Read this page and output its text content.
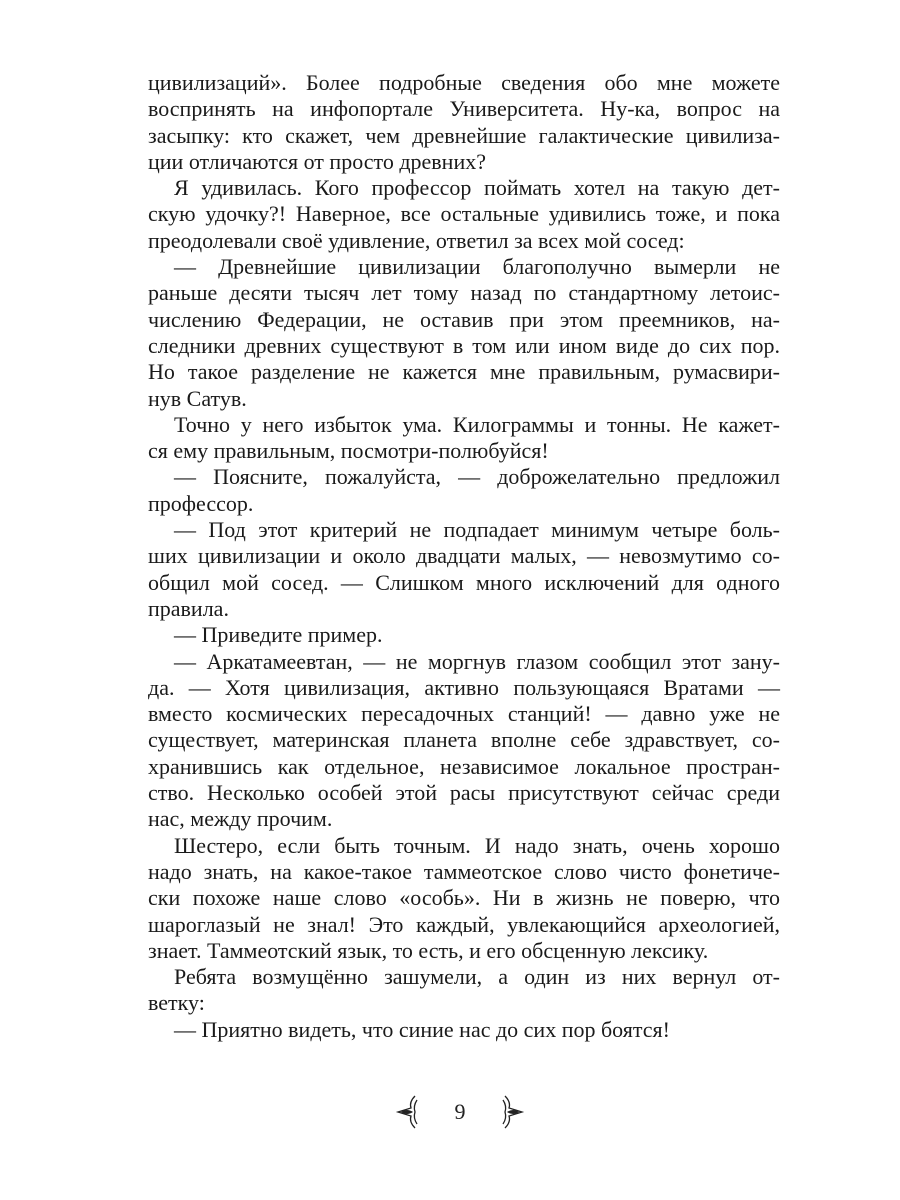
цивилизаций». Более подробные сведения обо мне можете
воспринять на инфопортале Университета. Ну-ка, вопрос на
засыпку: кто скажет, чем древнейшие галактические цивилиза-
ции отличаются от просто древних?
Я удивилась. Кого профессор поймать хотел на такую дет-
скую удочку?! Наверное, все остальные удивились тоже, и пока
преодолевали своё удивление, ответил за всех мой сосед:
— Древнейшие цивилизации благополучно вымерли не
раньше десяти тысяч лет тому назад по стандартному летоис-
числению Федерации, не оставив при этом преемников, на-
следники древних существуют в том или ином виде до сих пор.
Но такое разделение не кажется мне правильным, румасвири-
нув Сатув.
Точно у него избыток ума. Килограммы и тонны. Не кажет-
ся ему правильным, посмотри-полюбуйся!
— Поясните, пожалуйста, — доброжелательно предложил
профессор.
— Под этот критерий не подпадает минимум четыре боль-
ших цивилизации и около двадцати малых, — невозмутимо со-
общил мой сосед. — Слишком много исключений для одного
правила.
— Приведите пример.
— Аркатамеевтан, — не моргнув глазом сообщил этот зану-
да. — Хотя цивилизация, активно пользующаяся Вратами —
вместо космических пересадочных станций! — давно уже не
существует, материнская планета вполне себе здравствует, со-
хранившись как отдельное, независимое локальное простран-
ство. Несколько особей этой расы присутствуют сейчас среди
нас, между прочим.
Шестеро, если быть точным. И надо знать, очень хорошо
надо знать, на какое-такое таммеотское слово чисто фонетиче-
ски похоже наше слово «особь». Ни в жизнь не поверю, что
шароглазый не знал! Это каждый, увлекающийся археологией,
знает. Таммеотский язык, то есть, и его обсценную лексику.
Ребята возмущённо зашумели, а один из них вернул от-
ветку:
— Приятно видеть, что синие нас до сих пор боятся!
9
